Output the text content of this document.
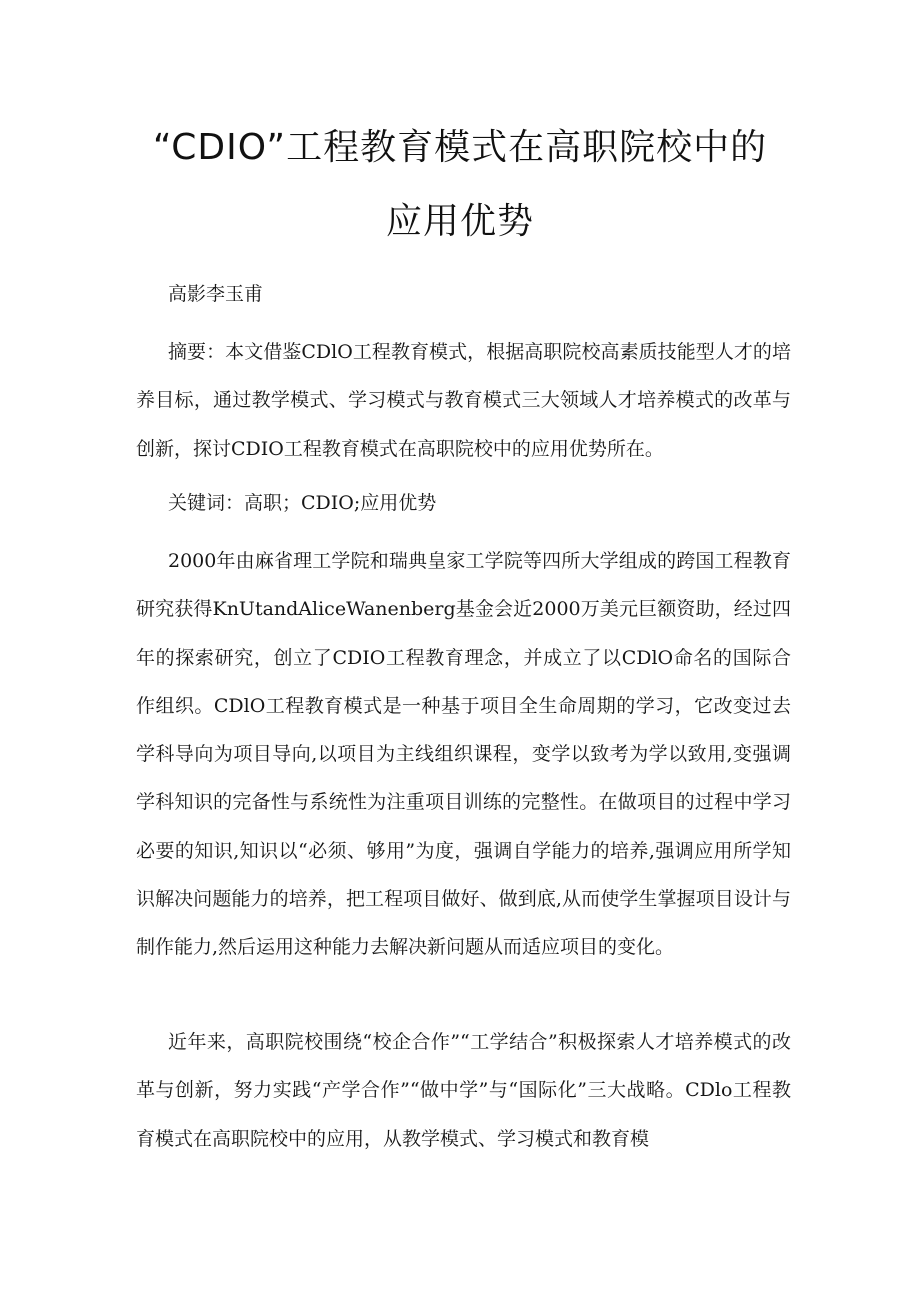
“CDIO”工程教育模式在高职院校中的
应用优势

高影李玉甫

摘要：本文借鉴CDlO工程教育模式，根据高职院校高素质技能型人才的培养目标，通过教学模式、学习模式与教育模式三大领域人才培养模式的改革与创新，探讨CDIO工程教育模式在高职院校中的应用优势所在。

关键词：高职；CDIO;应用优势

2000年由麻省理工学院和瑞典皇家工学院等四所大学组成的跨国工程教育研究获得KnUtandAliceWanenberg基金会近2000万美元巨额资助，经过四年的探索研究，创立了CDIO工程教育理念，并成立了以CDlO命名的国际合作组织。CDlO工程教育模式是一种基于项目全生命周期的学习，它改变过去学科导向为项目导向,以项目为主线组织课程，变学以致考为学以致用,变强调学科知识的完备性与系统性为注重项目训练的完整性。在做项目的过程中学习必要的知识,知识以“必须、够用”为度，强调自学能力的培养,强调应用所学知识解决问题能力的培养，把工程项目做好、做到底,从而使学生掌握项目设计与制作能力,然后运用这种能力去解决新问题从而适应项目的变化。

近年来，高职院校围绕“校企合作”“工学结合”积极探索人才培养模式的改革与创新，努力实践“产学合作”“做中学”与“国际化”三大战略。CDlo工程教育模式在高职院校中的应用，从教学模式、学习模式和教育模
